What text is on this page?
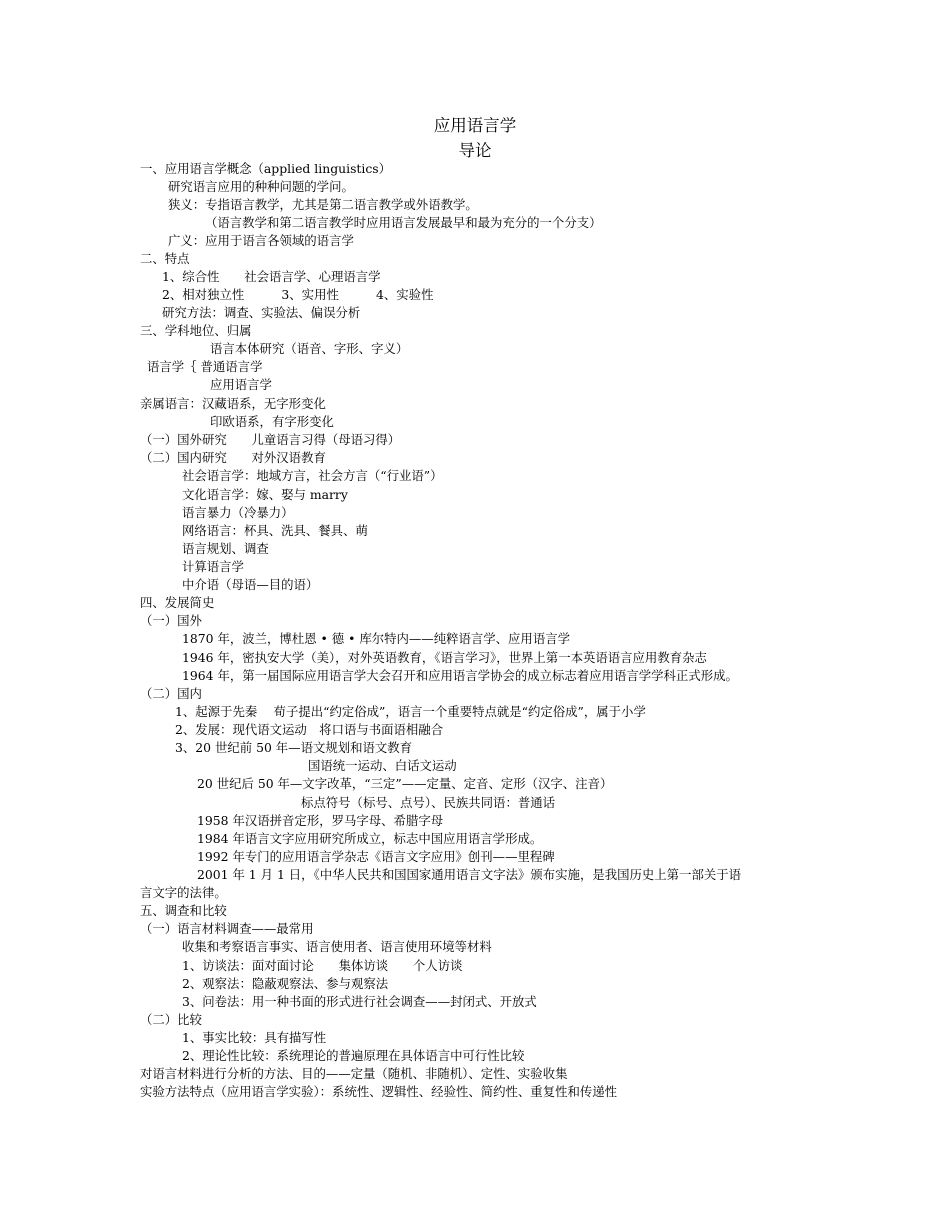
应用语言学
导论
一、应用语言学概念（applied linguistics）
研究语言应用的种种问题的学问。
狭义：专指语言教学，尤其是第二语言教学或外语教学。
（语言教学和第二语言教学时应用语言发展最早和最为充分的一个分支）
广义：应用于语言各领域的语言学
二、特点
1、综合性　　社会语言学、心理语言学
2、相对独立性　　　3、实用性　　　4、实验性
研究方法：调查、实验法、偏误分析
三、学科地位、归属
语言本体研究（语音、字形、字义）
语言学｛ 普通语言学
应用语言学
亲属语言：汉藏语系，无字形变化
印欧语系，有字形变化
（一）国外研究　　儿童语言习得（母语习得）
（二）国内研究　　对外汉语教育
社会语言学：地域方言，社会方言（“行业语”）
文化语言学：嫁、娶与 marry
语言暴力（冷暴力）
网络语言：杯具、洗具、餐具、萌
语言规划、调查
计算语言学
中介语（母语—目的语）
四、发展简史
（一）国外
1870 年，波兰，博杜恩 • 德 • 库尔特内——纯粹语言学、应用语言学
1946 年，密执安大学（美），对外英语教育，《语言学习》，世界上第一本英语语言应用教育杂志
1964 年，第一届国际应用语言学大会召开和应用语言学协会的成立标志着应用语言学学科正式形成。
（二）国内
1、起源于先秦　 荀子提出“约定俗成”，语言一个重要特点就是“约定俗成”，属于小学
2、发展：现代语文运动　将口语与书面语相融合
3、20 世纪前 50 年—语文规划和语文教育
国语统一运动、白话文运动
20 世纪后 50 年—文字改革，“三定”——定量、定音、定形（汉字、注音）
标点符号（标号、点号）、民族共同语：普通话
1958 年汉语拼音定形，罗马字母、希腊字母
1984 年语言文字应用研究所成立，标志中国应用语言学形成。
1992 年专门的应用语言学杂志《语言文字应用》创刊——里程碑
2001 年 1 月 1 日，《中华人民共和国国家通用语言文字法》颁布实施，是我国历史上第一部关于语
言文字的法律。
五、调查和比较
（一）语言材料调查——最常用
收集和考察语言事实、语言使用者、语言使用环境等材料
1、访谈法：面对面讨论　　集体访谈　　个人访谈
2、观察法：隐蔽观察法、参与观察法
3、问卷法：用一种书面的形式进行社会调查——封闭式、开放式
（二）比较
1、事实比较：具有描写性
2、理论性比较：系统理论的普遍原理在具体语言中可行性比较
对语言材料进行分析的方法、目的——定量（随机、非随机）、定性、实验收集
实验方法特点（应用语言学实验）：系统性、逻辑性、经验性、简约性、重复性和传递性
